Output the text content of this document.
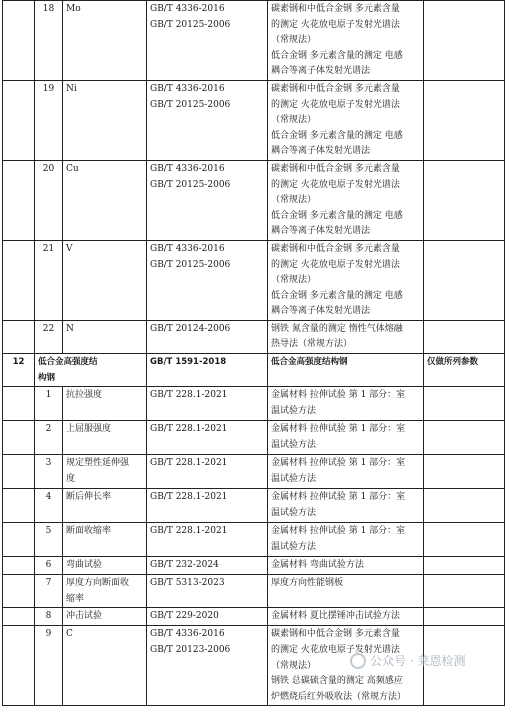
	18	Mo	GB/T 4336-2016
GB/T 20125-2006	碳素钢和中低合金钢 多元素含量
的测定 火花放电原子发射光谱法
（常规法）
低合金钢 多元素含量的测定 电感
耦合等离子体发射光谱法	

	19	Ni	GB/T 4336-2016
GB/T 20125-2006	碳素钢和中低合金钢 多元素含量
的测定 火花放电原子发射光谱法
（常规法）
低合金钢 多元素含量的测定 电感
耦合等离子体发射光谱法	

	20	Cu	GB/T 4336-2016
GB/T 20125-2006	碳素钢和中低合金钢 多元素含量
的测定 火花放电原子发射光谱法
（常规法）
低合金钢 多元素含量的测定 电感
耦合等离子体发射光谱法	

	21	V	GB/T 4336-2016
GB/T 20125-2006	碳素钢和中低合金钢 多元素含量
的测定 火花放电原子发射光谱法
（常规法）
低合金钢 多元素含量的测定 电感
耦合等离子体发射光谱法	

	22	N	GB/T 20124-2006	钢铁 氮含量的测定 惰性气体熔融
热导法（常规方法）	

12	低合金高强度结
构钢		GB/T 1591-2018	低合金高强度结构钢	仅做所列参数

	1	抗拉强度	GB/T 228.1-2021	金属材料 拉伸试验 第 1 部分：室
温试验方法	

	2	上屈服强度	GB/T 228.1-2021	金属材料 拉伸试验 第 1 部分：室
温试验方法	

	3	规定塑性延伸强
度	GB/T 228.1-2021	金属材料 拉伸试验 第 1 部分：室
温试验方法	

	4	断后伸长率	GB/T 228.1-2021	金属材料 拉伸试验 第 1 部分：室
温试验方法	

	5	断面收缩率	GB/T 228.1-2021	金属材料 拉伸试验 第 1 部分：室
温试验方法	

	6	弯曲试验	GB/T 232-2024	金属材料 弯曲试验方法	

	7	厚度方向断面收
缩率	GB/T 5313-2023	厚度方向性能钢板	

	8	冲击试验	GB/T 229-2020	金属材料 夏比摆锤冲击试验方法	

	9	C	GB/T 4336-2016
GB/T 20123-2006	碳素钢和中低合金钢 多元素含量
的测定 火花放电原子发射光谱法
（常规法）
钢铁 总碳硫含量的测定 高频感应
炉燃烧后红外吸收法（常规方法）	

公众号 · 莱恩检测
